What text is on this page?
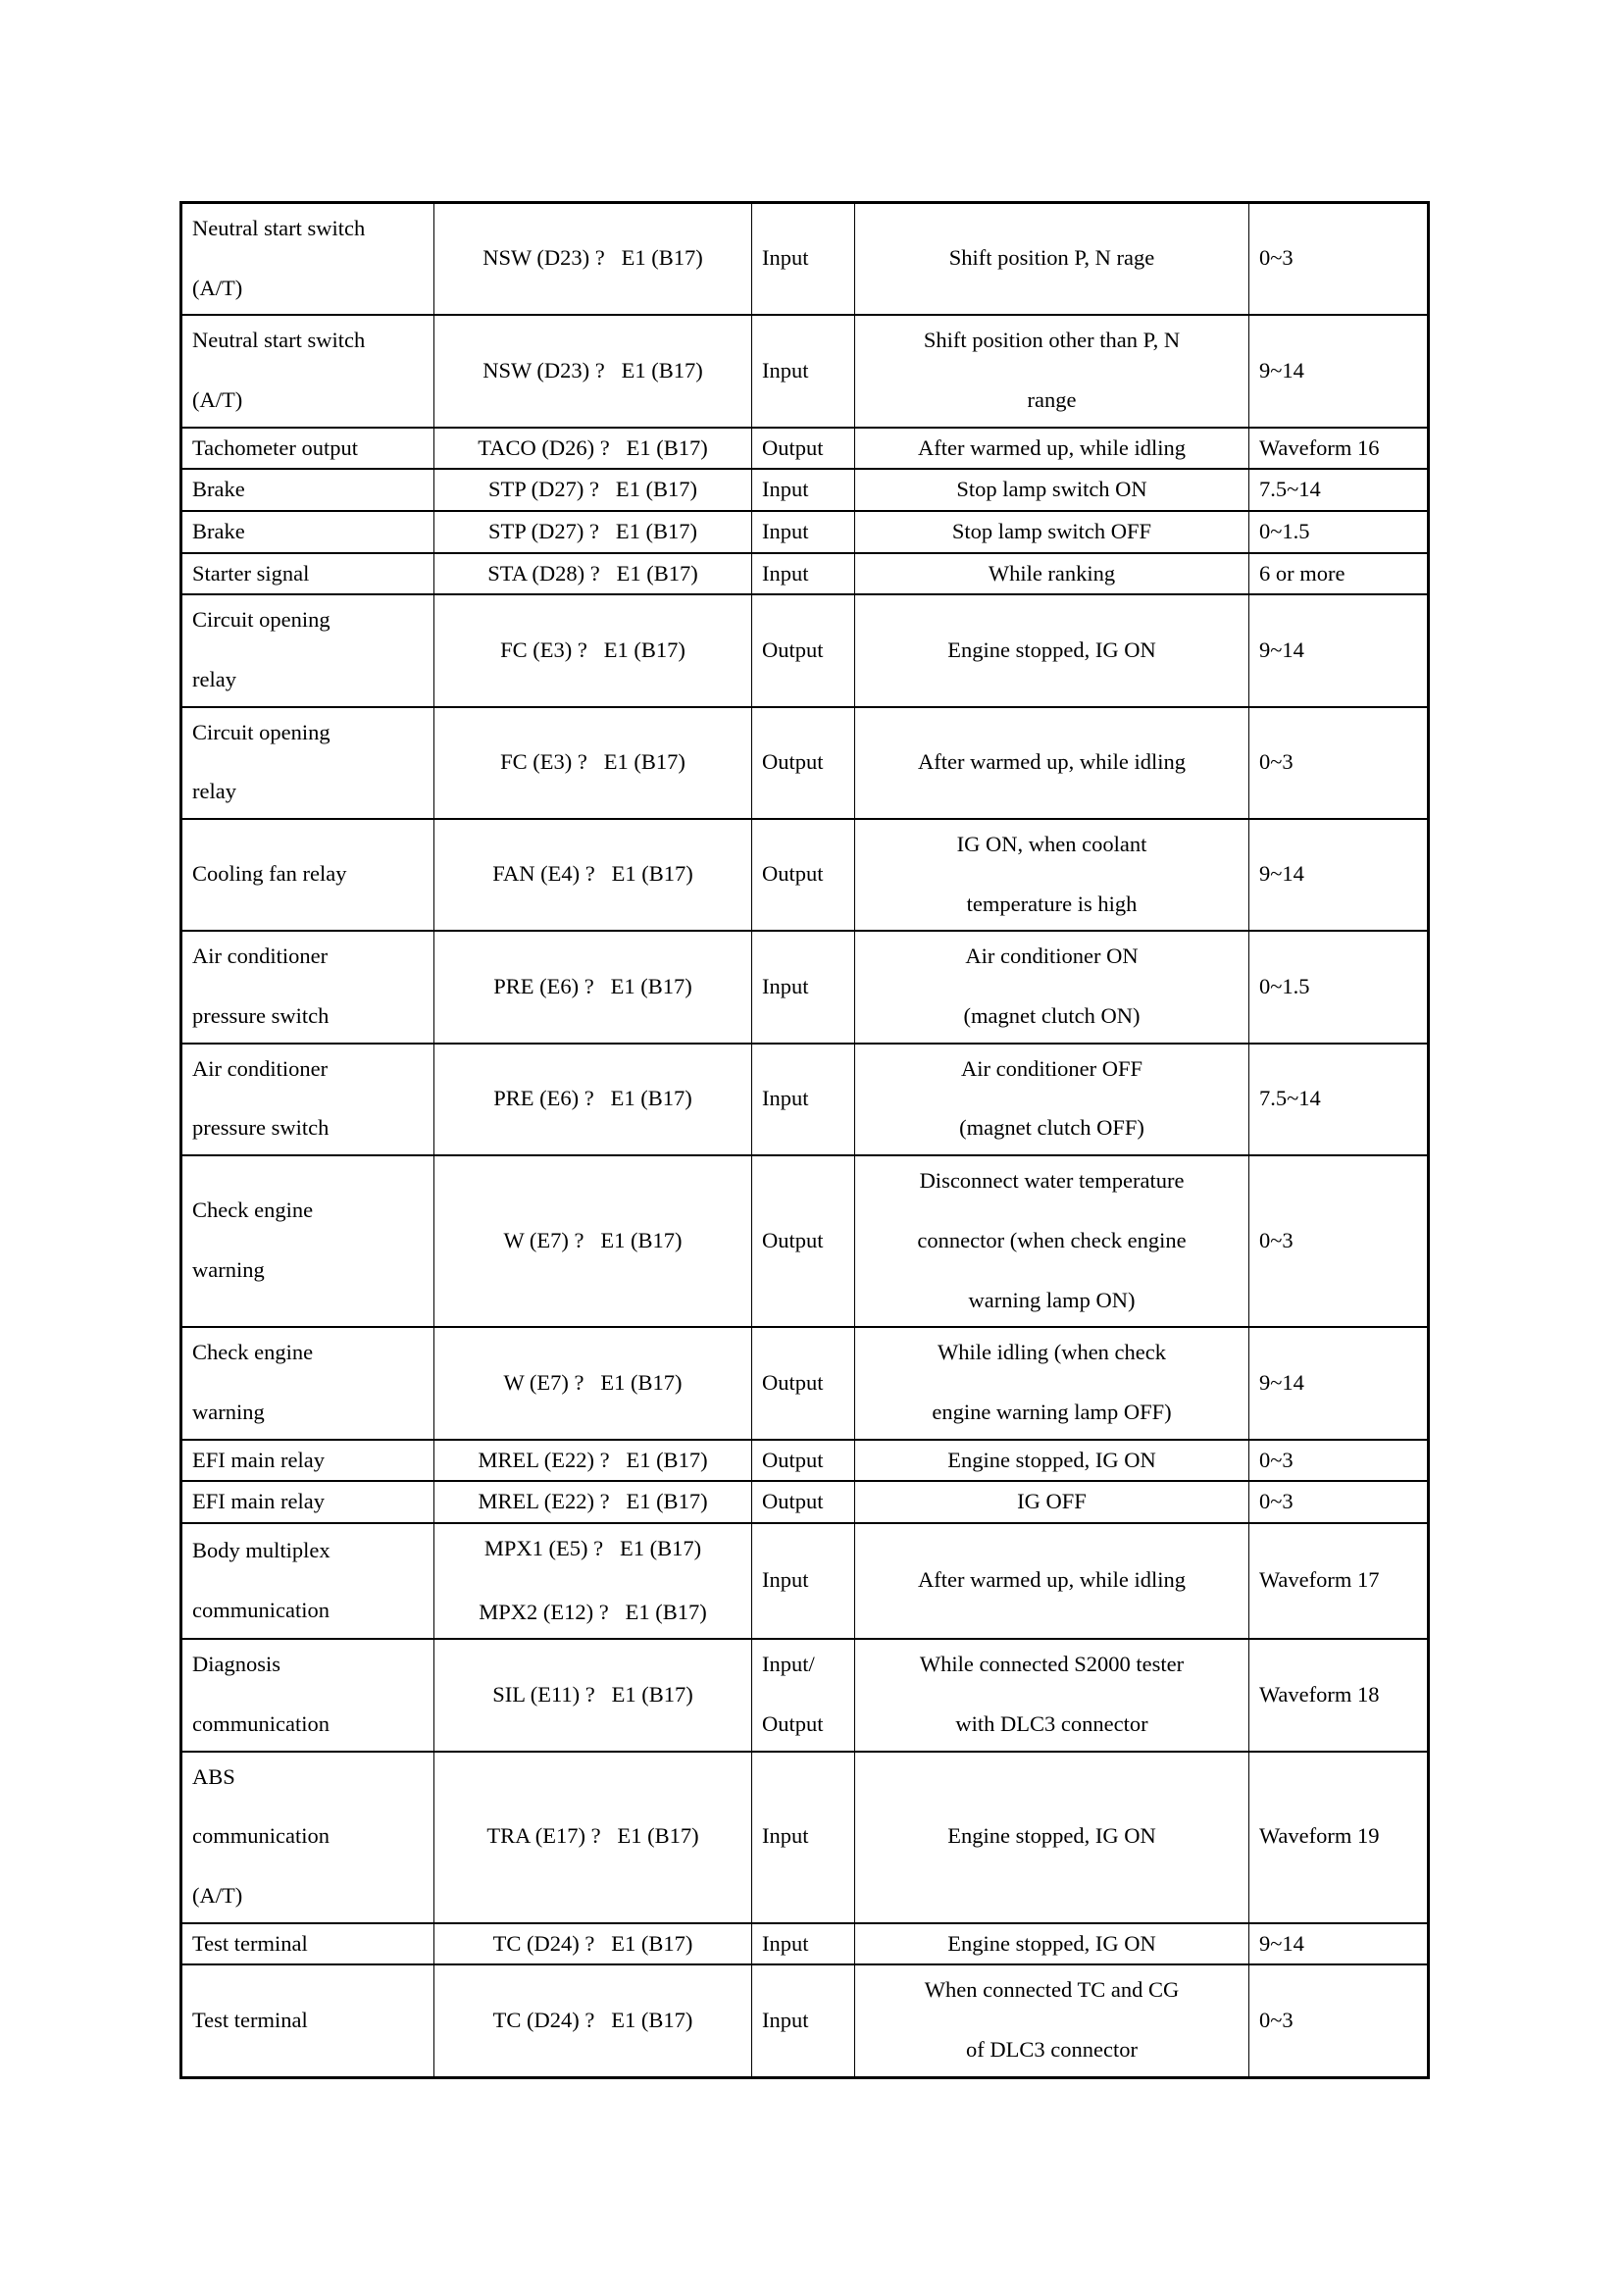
Neutral start switch
(A/T)	NSW (D23) ?   E1 (B17)	Input	Shift position P, N rage	0~3

Neutral start switch
(A/T)	NSW (D23) ?   E1 (B17)	Input	Shift position other than P, N
range	9~14

Tachometer output	TACO (D26) ?   E1 (B17)	Output	After warmed up, while idling	Waveform 16

Brake	STP (D27) ?   E1 (B17)	Input	Stop lamp switch ON	7.5~14

Brake	STP (D27) ?   E1 (B17)	Input	Stop lamp switch OFF	0~1.5

Starter signal	STA (D28) ?   E1 (B17)	Input	While ranking	6 or more

Circuit opening
relay	FC (E3) ?   E1 (B17)	Output	Engine stopped, IG ON	9~14

Circuit opening
relay	FC (E3) ?   E1 (B17)	Output	After warmed up, while idling	0~3

Cooling fan relay	FAN (E4) ?   E1 (B17)	Output	IG ON, when coolant
temperature is high	9~14

Air conditioner
pressure switch	PRE (E6) ?   E1 (B17)	Input	Air conditioner ON
(magnet clutch ON)	0~1.5

Air conditioner
pressure switch	PRE (E6) ?   E1 (B17)	Input	Air conditioner OFF
(magnet clutch OFF)	7.5~14

Check engine
warning	W (E7) ?   E1 (B17)	Output	Disconnect water temperature
connector (when check engine
warning lamp ON)	0~3

Check engine
warning	W (E7) ?   E1 (B17)	Output	While idling (when check
engine warning lamp OFF)	9~14

EFI main relay	MREL (E22) ?   E1 (B17)	Output	Engine stopped, IG ON	0~3

EFI main relay	MREL (E22) ?   E1 (B17)	Output	IG OFF	0~3

Body multiplex
communication	MPX1 (E5) ?   E1 (B17)
MPX2 (E12) ?   E1 (B17)	Input	After warmed up, while idling	Waveform 17

Diagnosis
communication	SIL (E11) ?   E1 (B17)	Input/
Output	While connected S2000 tester
with DLC3 connector	Waveform 18

ABS
communication
(A/T)	TRA (E17) ?   E1 (B17)	Input	Engine stopped, IG ON	Waveform 19

Test terminal	TC (D24) ?   E1 (B17)	Input	Engine stopped, IG ON	9~14

Test terminal	TC (D24) ?   E1 (B17)	Input	When connected TC and CG
of DLC3 connector	0~3
